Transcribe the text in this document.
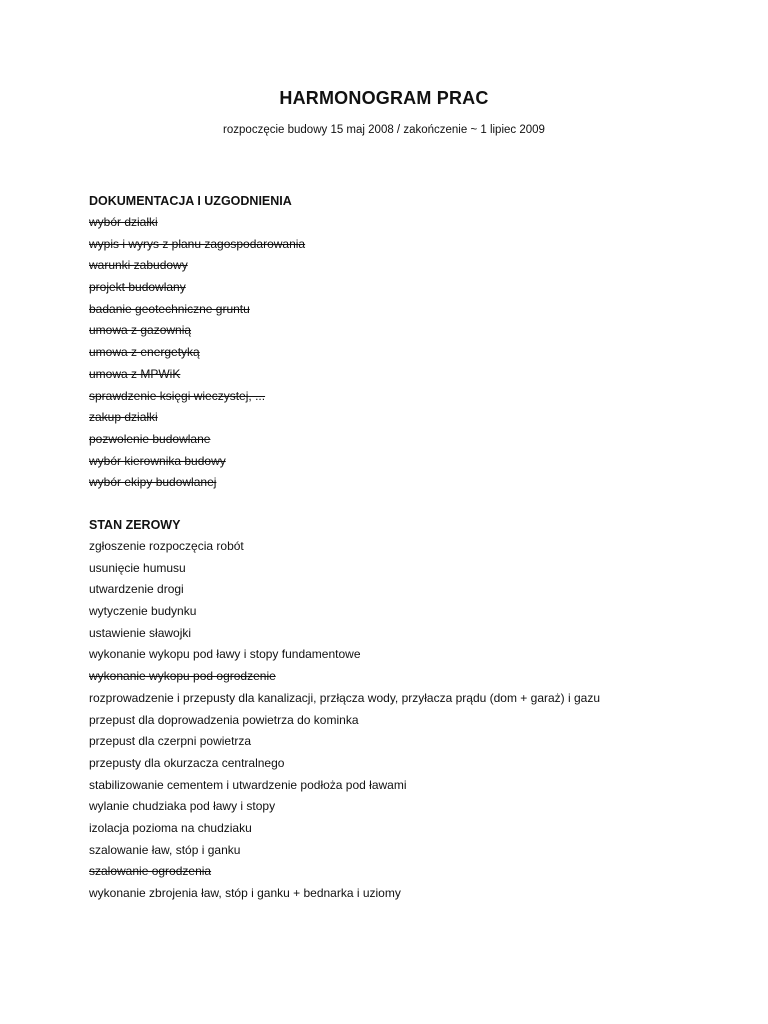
HARMONOGRAM PRAC
rozpoczęcie budowy 15 maj 2008 / zakończenie ~ 1 lipiec 2009
DOKUMENTACJA I UZGODNIENIA
wybór działki
wypis i wyrys z planu zagospodarowania
warunki zabudowy
projekt budowlany
badanie geotechniczne gruntu
umowa z gazownią
umowa z energetyką
umowa z MPWiK
sprawdzenie księgi wieczystej, ...
zakup działki
pozwolenie budowlane
wybór kierownika budowy
wybór ekipy budowlanej
STAN ZEROWY
zgłoszenie rozpoczęcia robót
usunięcie humusu
utwardzenie drogi
wytyczenie budynku
ustawienie sławojki
wykonanie wykopu pod ławy i stopy fundamentowe
wykonanie wykopu pod ogrodzenie
rozprowadzenie i przepusty dla kanalizacji, przłącza wody, przyłacza prądu (dom + garaż) i gazu
przepust dla doprowadzenia powietrza do kominka
przepust dla czerpni powietrza
przepusty dla okurzacza centralnego
stabilizowanie cementem i utwardzenie podłoża pod ławami
wylanie chudziaka pod ławy i stopy
izolacja pozioma na chudziaku
szalowanie ław, stóp i ganku
szalowanie ogrodzenia
wykonanie zbrojenia ław, stóp i ganku + bednarka i uziomy
